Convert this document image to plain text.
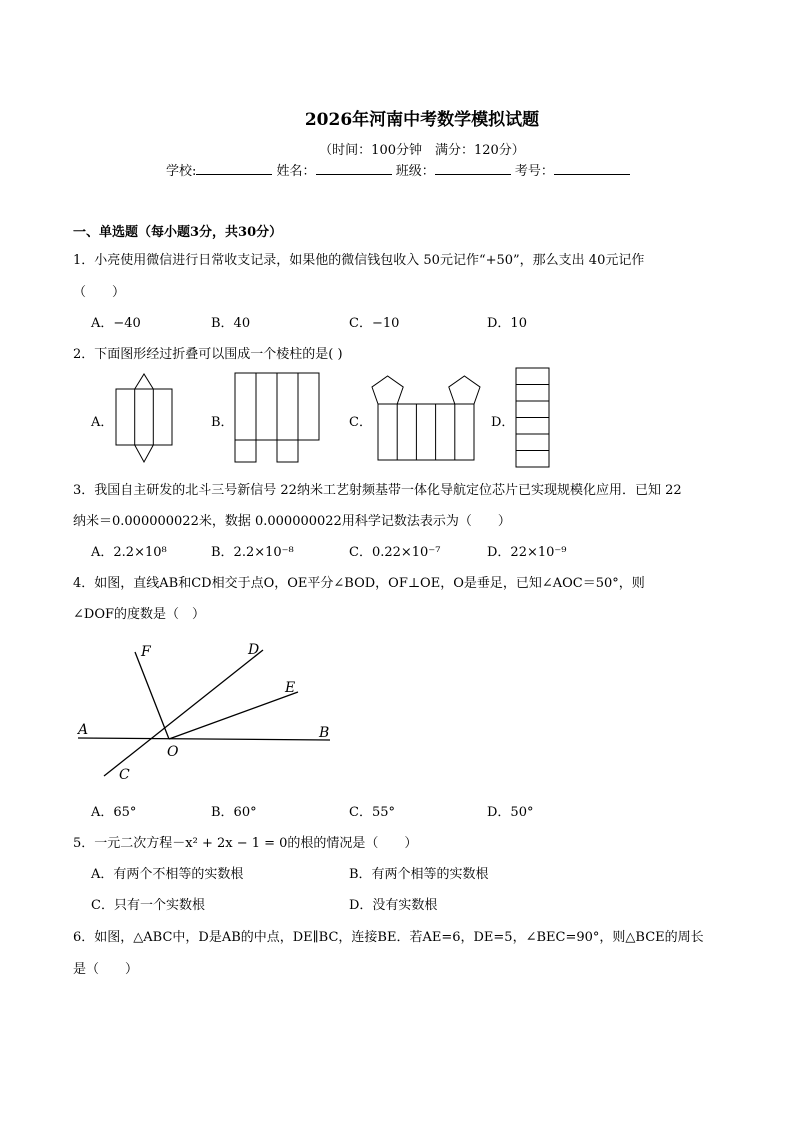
2026年河南中考数学模拟试题
（时间：100分钟　满分：120分）
学校:	姓名：	班级：	考号：
一、单选题（每小题3分，共30分）
1．小亮使用微信进行日常收支记录，如果他的微信钱包收入 50元记作“+50”，那么支出 40元记作
（　　）
A．−40	B．40	C．−10	D．10
2．下面图形经过折叠可以围成一个棱柱的是( )
A．	B．	C．	D．
3．我国自主研发的北斗三号新信号 22纳米工艺射频基带一体化导航定位芯片已实现规模化应用．已知 22
纳米＝0.000000022米，数据 0.000000022用科学记数法表示为（　　）
A．2.2×10⁸	B．2.2×10⁻⁸	C．0.22×10⁻⁷	D．22×10⁻⁹
4．如图，直线AB和CD相交于点O，OE平分∠BOD，OF⊥OE，O是垂足，已知∠AOC＝50°，则
∠DOF的度数是（　）
A	B
C
D
E
F
O
A．65°	B．60°	C．55°	D．50°
5．一元二次方程－x² + 2x − 1 = 0的根的情况是（　　）
A．有两个不相等的实数根	B．有两个相等的实数根
C．只有一个实数根	D．没有实数根
6．如图，△ABC中，D是AB的中点，DE∥BC，连接BE．若AE=6，DE=5，∠BEC=90°，则△BCE的周长
是（　　）
